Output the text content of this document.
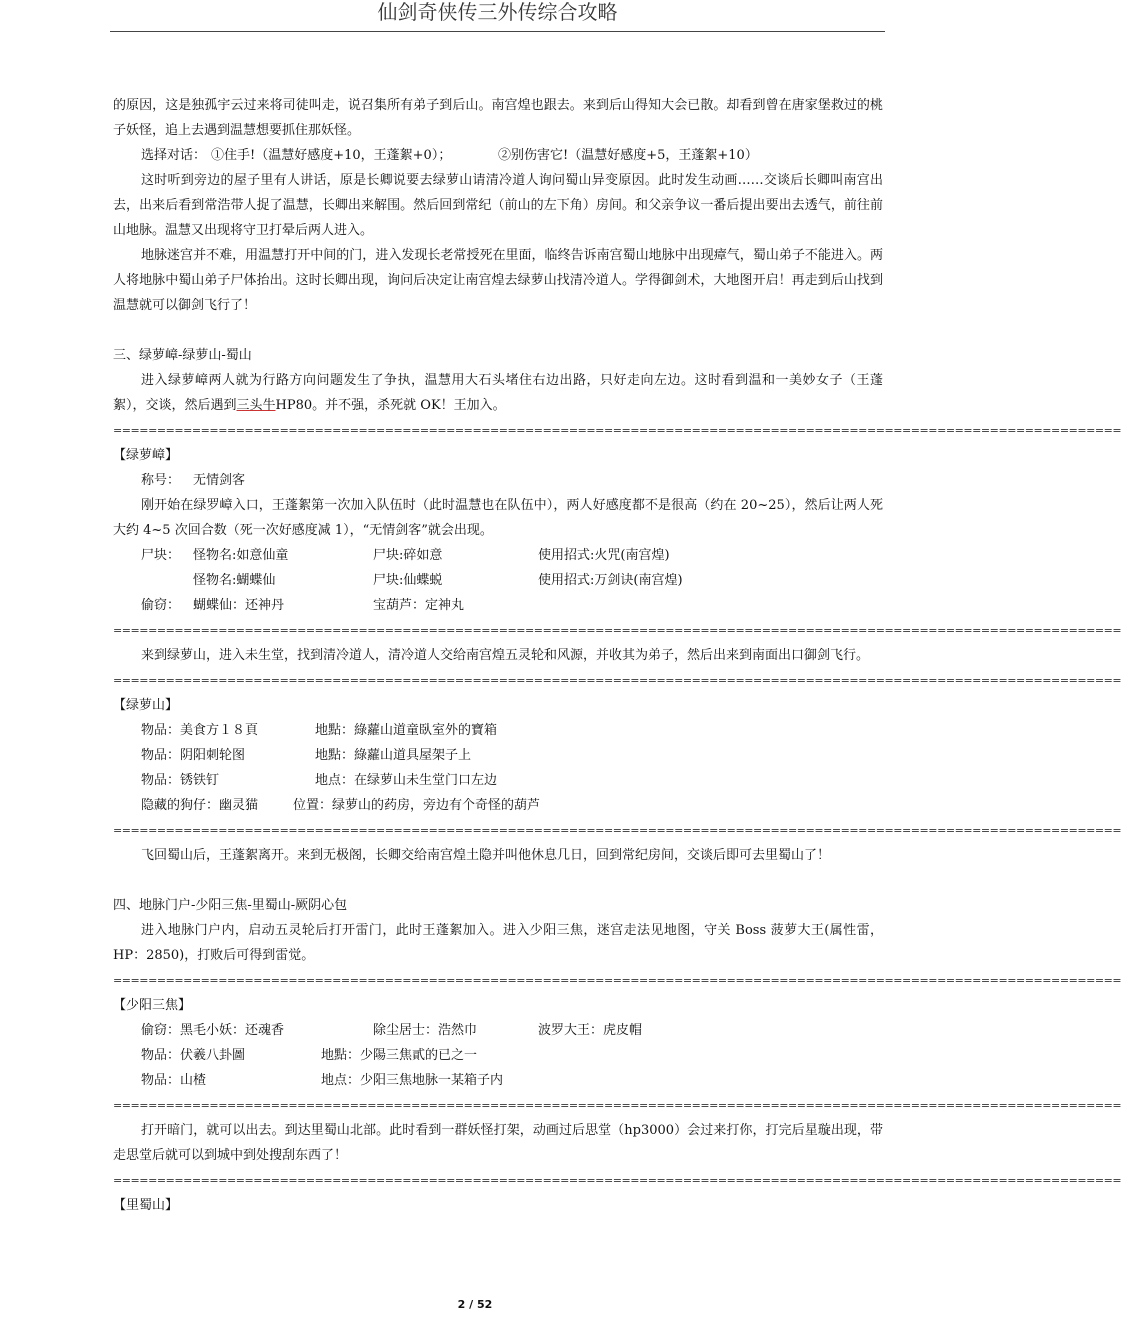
仙剑奇侠传三外传综合攻略

的原因，这是独孤宇云过来将司徒叫走，说召集所有弟子到后山。南宫煌也跟去。来到后山得知大会已散。却看到曾在唐家堡救过的桃子妖怪，追上去遇到温慧想要抓住那妖怪。

选择对话： ①住手!（温慧好感度+10，王蓬絮+0）；	②别伤害它!（温慧好感度+5，王蓬絮+10）

这时听到旁边的屋子里有人讲话，原是长卿说要去绿萝山请清冷道人询问蜀山异变原因。此时发生动画……交谈后长卿叫南宫出去，出来后看到常浩带人捉了温慧，长卿出来解围。然后回到常纪（前山的左下角）房间。和父亲争议一番后提出要出去透气，前往前山地脉。温慧又出现将守卫打晕后两人进入。

地脉迷宫并不难，用温慧打开中间的门，进入发现长老常授死在里面，临终告诉南宫蜀山地脉中出现瘴气，蜀山弟子不能进入。两人将地脉中蜀山弟子尸体抬出。这时长卿出现，询问后决定让南宫煌去绿萝山找清冷道人。学得御剑术，大地图开启！再走到后山找到温慧就可以御剑飞行了！

三、绿萝嶂-绿萝山-蜀山

进入绿萝嶂两人就为行路方向问题发生了争执，温慧用大石头堵住右边出路，只好走向左边。这时看到温和一美妙女子（王蓬絮），交谈，然后遇到三头牛HP80。并不强，杀死就 OK！王加入。

===================================================================================================================

【绿萝嶂】

称号： 无情剑客

刚开始在绿罗嶂入口，王蓬絮第一次加入队伍时（此时温慧也在队伍中），两人好感度都不是很高（约在 20~25），然后让两人死大约 4~5 次回合数（死一次好感度减 1），“无情剑客”就会出现。

尸块： 怪物名:如意仙童	尸块:碎如意	使用招式:火咒(南宫煌)
怪物名:蝴蝶仙	尸块:仙蝶蜕	使用招式:万剑诀(南宫煌)
偷窃： 蝴蝶仙：还神丹	宝葫芦：定神丸
===================================================================================================================

来到绿萝山，进入未生堂，找到清冷道人，清冷道人交给南宫煌五灵轮和风源，并收其为弟子，然后出来到南面出口御剑飞行。

===================================================================================================================

【绿萝山】

物品：美食方１８頁	地點：綠蘿山道童臥室外的寶箱
物品：阴阳刺轮图	地點：綠蘿山道具屋架子上
物品：锈铁钉	地点：在绿萝山未生堂门口左边
隐藏的狗仔：幽灵猫	位置：绿萝山的药房，旁边有个奇怪的葫芦
===================================================================================================================

飞回蜀山后，王蓬絮离开。来到无极阁，长卿交给南宫煌土隐并叫他休息几日，回到常纪房间，交谈后即可去里蜀山了！

四、地脉门户-少阳三焦-里蜀山-厥阴心包

进入地脉门户内，启动五灵轮后打开雷门，此时王蓬絮加入。进入少阳三焦，迷宫走法见地图，守关 Boss 菠萝大王(属性雷，HP：2850)，打败后可得到雷觉。

===================================================================================================================

【少阳三焦】

偷窃：黑毛小妖：还魂香	除尘居士：浩然巾	波罗大王：虎皮帽
物品：伏羲八卦圖	地點：少陽三焦貳的已之一
物品：山楂	地点：少阳三焦地脉一某箱子内
===================================================================================================================

打开暗门，就可以出去。到达里蜀山北部。此时看到一群妖怪打架，动画过后思堂（hp3000）会过来打你，打完后星璇出现，带走思堂后就可以到城中到处搜刮东西了！

===================================================================================================================

【里蜀山】

2 / 52
